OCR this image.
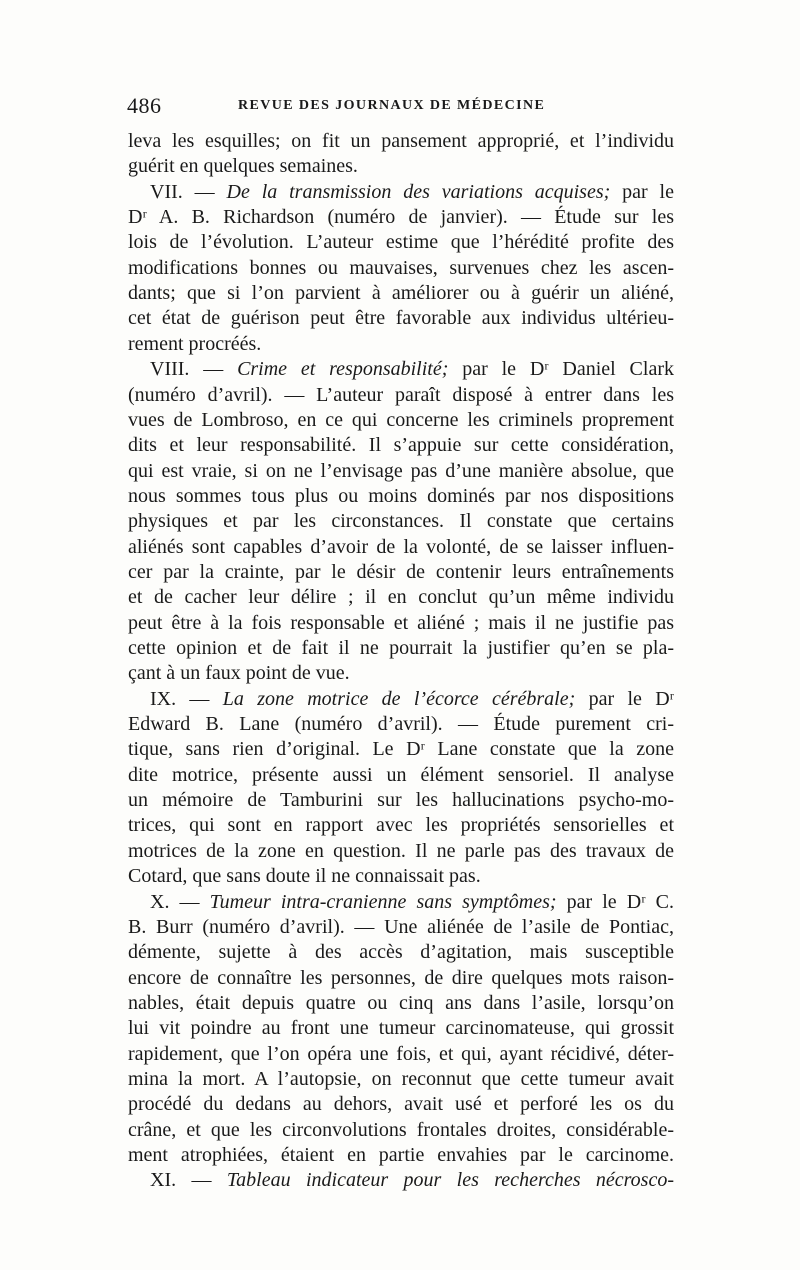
486	REVUE DES JOURNAUX DE MÉDECINE
leva les esquilles; on fit un pansement approprié, et l’individu
guérit en quelques semaines.
VII. — De la transmission des variations acquises; par le
Dʳ A. B. Richardson (numéro de janvier). — Étude sur les
lois de l’évolution. L’auteur estime que l’hérédité profite des
modifications bonnes ou mauvaises, survenues chez les ascen-
dants; que si l’on parvient à améliorer ou à guérir un aliéné,
cet état de guérison peut être favorable aux individus ultérieu-
rement procréés.
VIII. — Crime et responsabilité; par le Dʳ Daniel Clark
(numéro d’avril). — L’auteur paraît disposé à entrer dans les
vues de Lombroso, en ce qui concerne les criminels proprement
dits et leur responsabilité. Il s’appuie sur cette considération,
qui est vraie, si on ne l’envisage pas d’une manière absolue, que
nous sommes tous plus ou moins dominés par nos dispositions
physiques et par les circonstances. Il constate que certains
aliénés sont capables d’avoir de la volonté, de se laisser influen-
cer par la crainte, par le désir de contenir leurs entraînements
et de cacher leur délire ; il en conclut qu’un même individu
peut être à la fois responsable et aliéné ; mais il ne justifie pas
cette opinion et de fait il ne pourrait la justifier qu’en se pla-
çant à un faux point de vue.
IX. — La zone motrice de l’écorce cérébrale; par le Dʳ
Edward B. Lane (numéro d’avril). — Étude purement cri-
tique, sans rien d’original. Le Dʳ Lane constate que la zone
dite motrice, présente aussi un élément sensoriel. Il analyse
un mémoire de Tamburini sur les hallucinations psycho-mo-
trices, qui sont en rapport avec les propriétés sensorielles et
motrices de la zone en question. Il ne parle pas des travaux de
Cotard, que sans doute il ne connaissait pas.
X. — Tumeur intra-cranienne sans symptômes; par le Dʳ C.
B. Burr (numéro d’avril). — Une aliénée de l’asile de Pontiac,
démente, sujette à des accès d’agitation, mais susceptible
encore de connaître les personnes, de dire quelques mots raison-
nables, était depuis quatre ou cinq ans dans l’asile, lorsqu’on
lui vit poindre au front une tumeur carcinomateuse, qui grossit
rapidement, que l’on opéra une fois, et qui, ayant récidivé, déter-
mina la mort. A l’autopsie, on reconnut que cette tumeur avait
procédé du dedans au dehors, avait usé et perforé les os du
crâne, et que les circonvolutions frontales droites, considérable-
ment atrophiées, étaient en partie envahies par le carcinome.
XI. — Tableau indicateur pour les recherches nécrosco-
